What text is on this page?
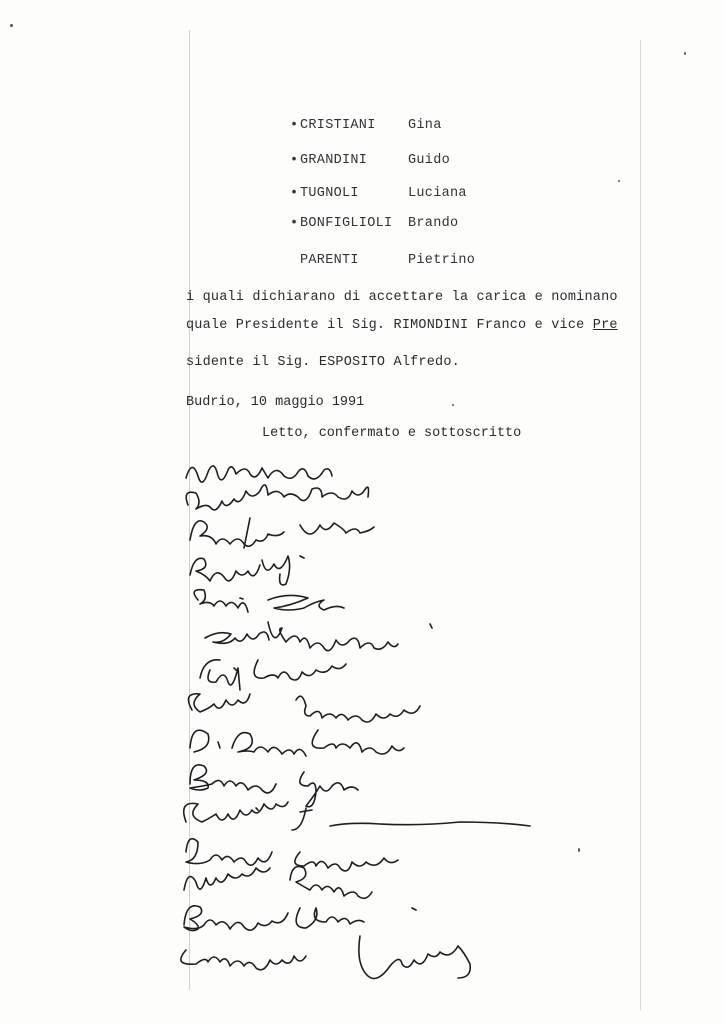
• CRISTIANI Gina
• GRANDINI	Guido
• TUGNOLI	Luciana
• BONFIGLIOLI Brando
PARENTI	Pietrino
i quali dichiarano di accettare la carica e nominano
quale Presidente il Sig. RIMONDINI Franco e vice Pre
sidente il Sig. ESPOSITO Alfredo.
Budrio, 10 maggio 1991
Letto, confermato e sottoscritto
